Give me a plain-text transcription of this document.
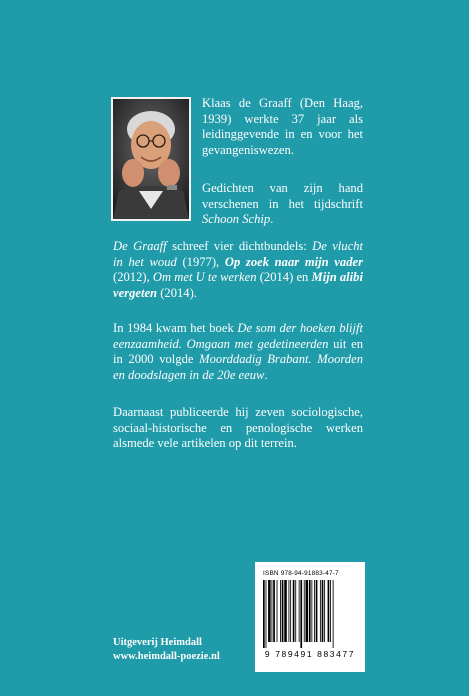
Klaas de Graaff (Den Haag,
1939) werkte 37 jaar als
leidinggevende in en voor het
gevangeniswezen.
Gedichten van zijn hand
verschenen in het tijdschrift
Schoon Schip.
De Graaff schreef vier dichtbundels: De vlucht
in het woud (1977), Op zoek naar mijn vader
(2012), Om met U te werken (2014) en Mijn alibi
vergeten (2014).
In 1984 kwam het boek De som der hoeken blijft
eenzaamheid. Omgaan met gedetineerden uit en
in 2000 volgde Moorddadig Brabant. Moorden
en doodslagen in de 20e eeuw.
Daarnaast publiceerde hij zeven sociologische,
sociaal-historische en penologische werken
alsmede vele artikelen op dit terrein.
ISBN 978-94-91883-47-7
9 789491 883477
Uitgeverij Heimdall
www.heimdall-poezie.nl
